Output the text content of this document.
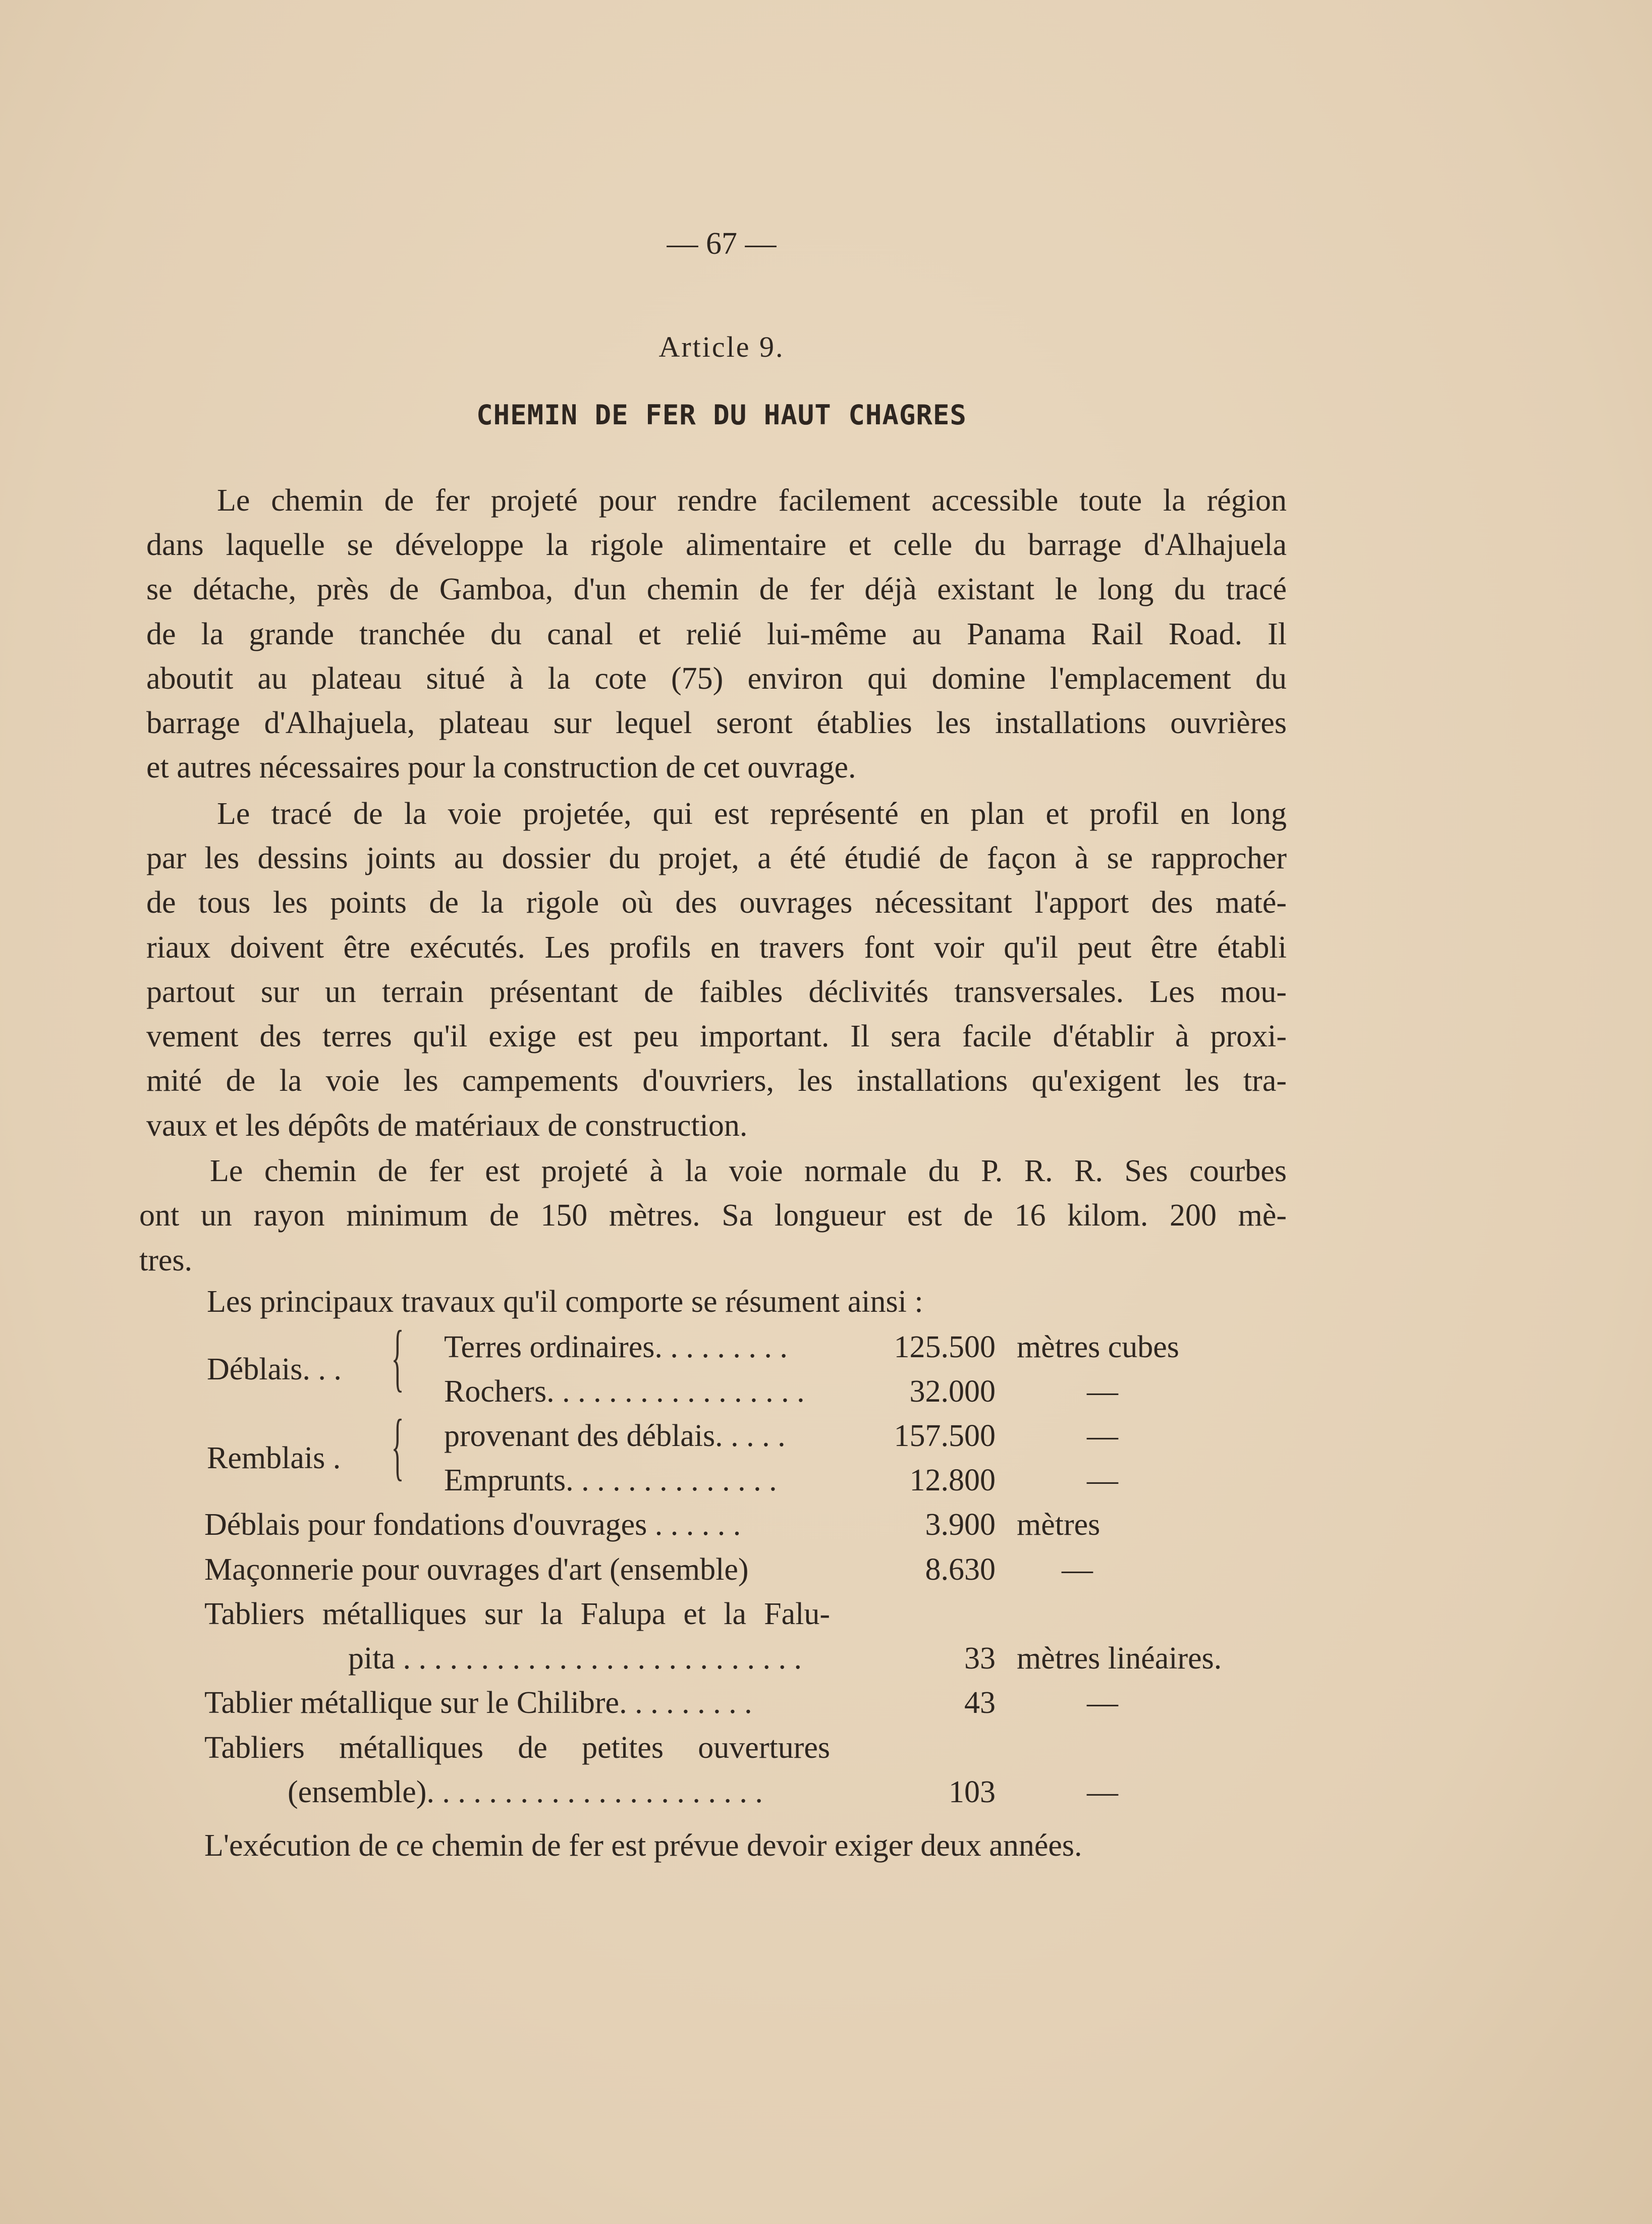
— 67 —
Article 9.
CHEMIN DE FER DU HAUT CHAGRES
Le chemin de fer projeté pour rendre facilement accessible toute la région
dans laquelle se développe la rigole alimentaire et celle du barrage d'Alhajuela
se détache, près de Gamboa, d'un chemin de fer déjà existant le long du tracé
de la grande tranchée du canal et relié lui-même au Panama Rail Road. Il
aboutit au plateau situé à la cote (75) environ qui domine l'emplacement du
barrage d'Alhajuela, plateau sur lequel seront établies les installations ouvrières
et autres nécessaires pour la construction de cet ouvrage.
Le tracé de la voie projetée, qui est représenté en plan et profil en long
par les dessins joints au dossier du projet, a été étudié de façon à se rapprocher
de tous les points de la rigole où des ouvrages nécessitant l'apport des maté-
riaux doivent être exécutés. Les profils en travers font voir qu'il peut être établi
partout sur un terrain présentant de faibles déclivités transversales. Les mou-
vement des terres qu'il exige est peu important. Il sera facile d'établir à proxi-
mité de la voie les campements d'ouvriers, les installations qu'exigent les tra-
vaux et les dépôts de matériaux de construction.
Le chemin de fer est projeté à la voie normale du P. R. R. Ses courbes
ont un rayon minimum de 150 mètres. Sa longueur est de 16 kilom. 200 mè-
tres.
Les principaux travaux qu'il comporte se résument ainsi :
Déblais. . . { Terres ordinaires. . . . . . . . .	125.500 mètres cubes
Rochers. . . . . . . . . . . . . . . . .	32.000	—
Remblais . { provenant des déblais. . . . .	157.500	—
Emprunts. . . . . . . . . . . . . .	12.800	—
Déblais pour fondations d'ouvrages . . . . . .	3.900 mètres
Maçonnerie pour ouvrages d'art (ensemble)	8.630	—
Tabliers métalliques sur la Falupa et la Falu-
pita . . . . . . . . . . . . . . . . . . . . . . . . . .	33 mètres linéaires.
Tablier métallique sur le Chilibre. . . . . . . . .	43	—
Tabliers métalliques de petites ouvertures
(ensemble). . . . . . . . . . . . . . . . . . . . . .	103	—
L'exécution de ce chemin de fer est prévue devoir exiger deux années.
